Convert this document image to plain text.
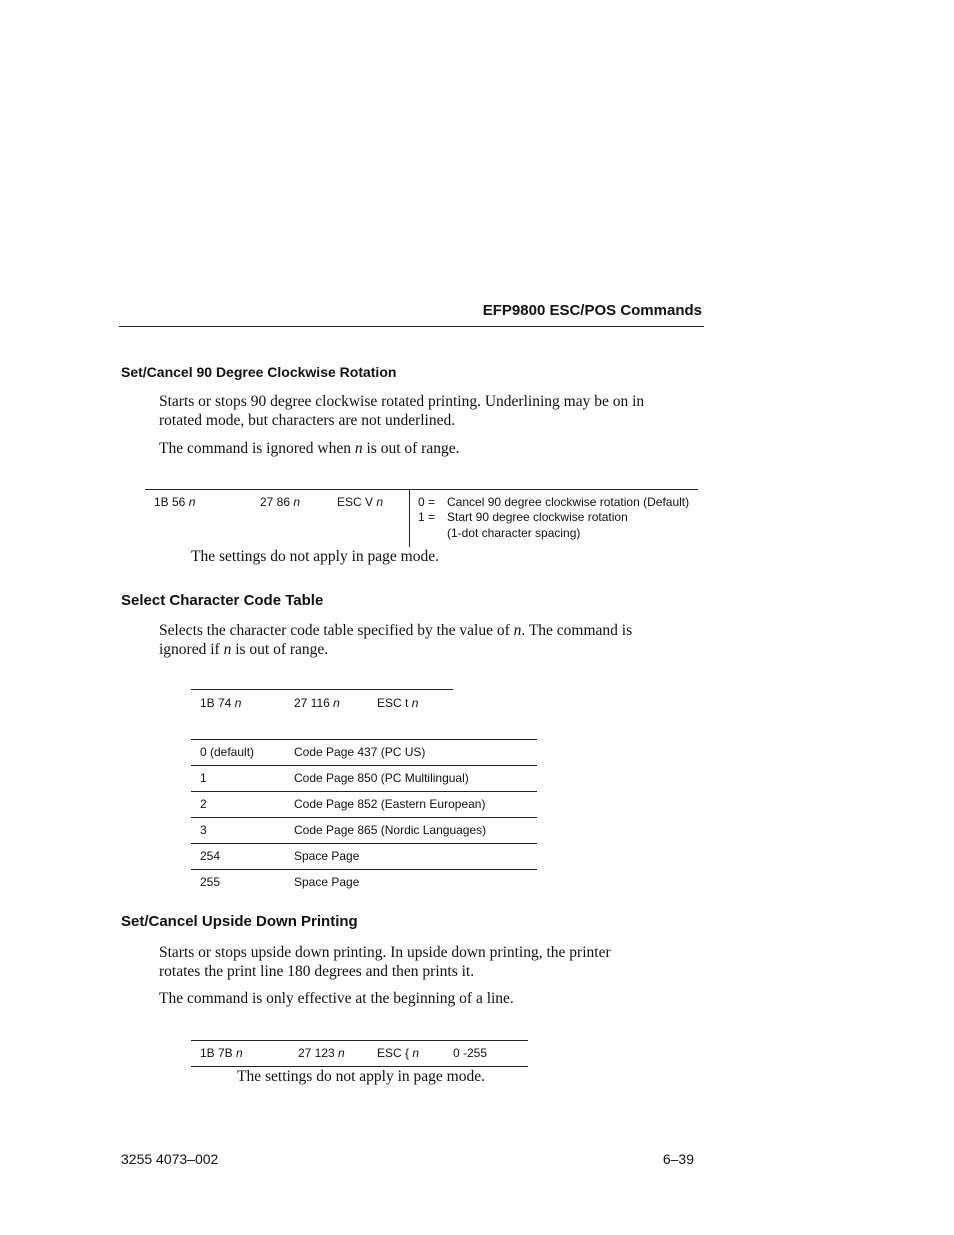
EFP9800 ESC/POS Commands
Set/Cancel 90 Degree Clockwise Rotation
Starts or stops 90 degree clockwise rotated printing. Underlining may be on in
rotated mode, but characters are not underlined.
The command is ignored when n is out of range.
1B 56 n	27 86 n	ESC V n	0 = Cancel 90 degree clockwise rotation (Default)
1 = Start 90 degree clockwise rotation
(1-dot character spacing)
The settings do not apply in page mode.
Select Character Code Table
Selects the character code table specified by the value of n. The command is
ignored if n is out of range.
1B 74 n	27 116 n	ESC t n
0 (default)	Code Page 437 (PC US)
1	Code Page 850 (PC Multilingual)
2	Code Page 852 (Eastern European)
3	Code Page 865 (Nordic Languages)
254	Space Page
255	Space Page
Set/Cancel Upside Down Printing
Starts or stops upside down printing. In upside down printing, the printer
rotates the print line 180 degrees and then prints it.
The command is only effective at the beginning of a line.
1B 7B n	27 123 n	ESC { n	0 -255
The settings do not apply in page mode.
3255 4073–002	6–39
